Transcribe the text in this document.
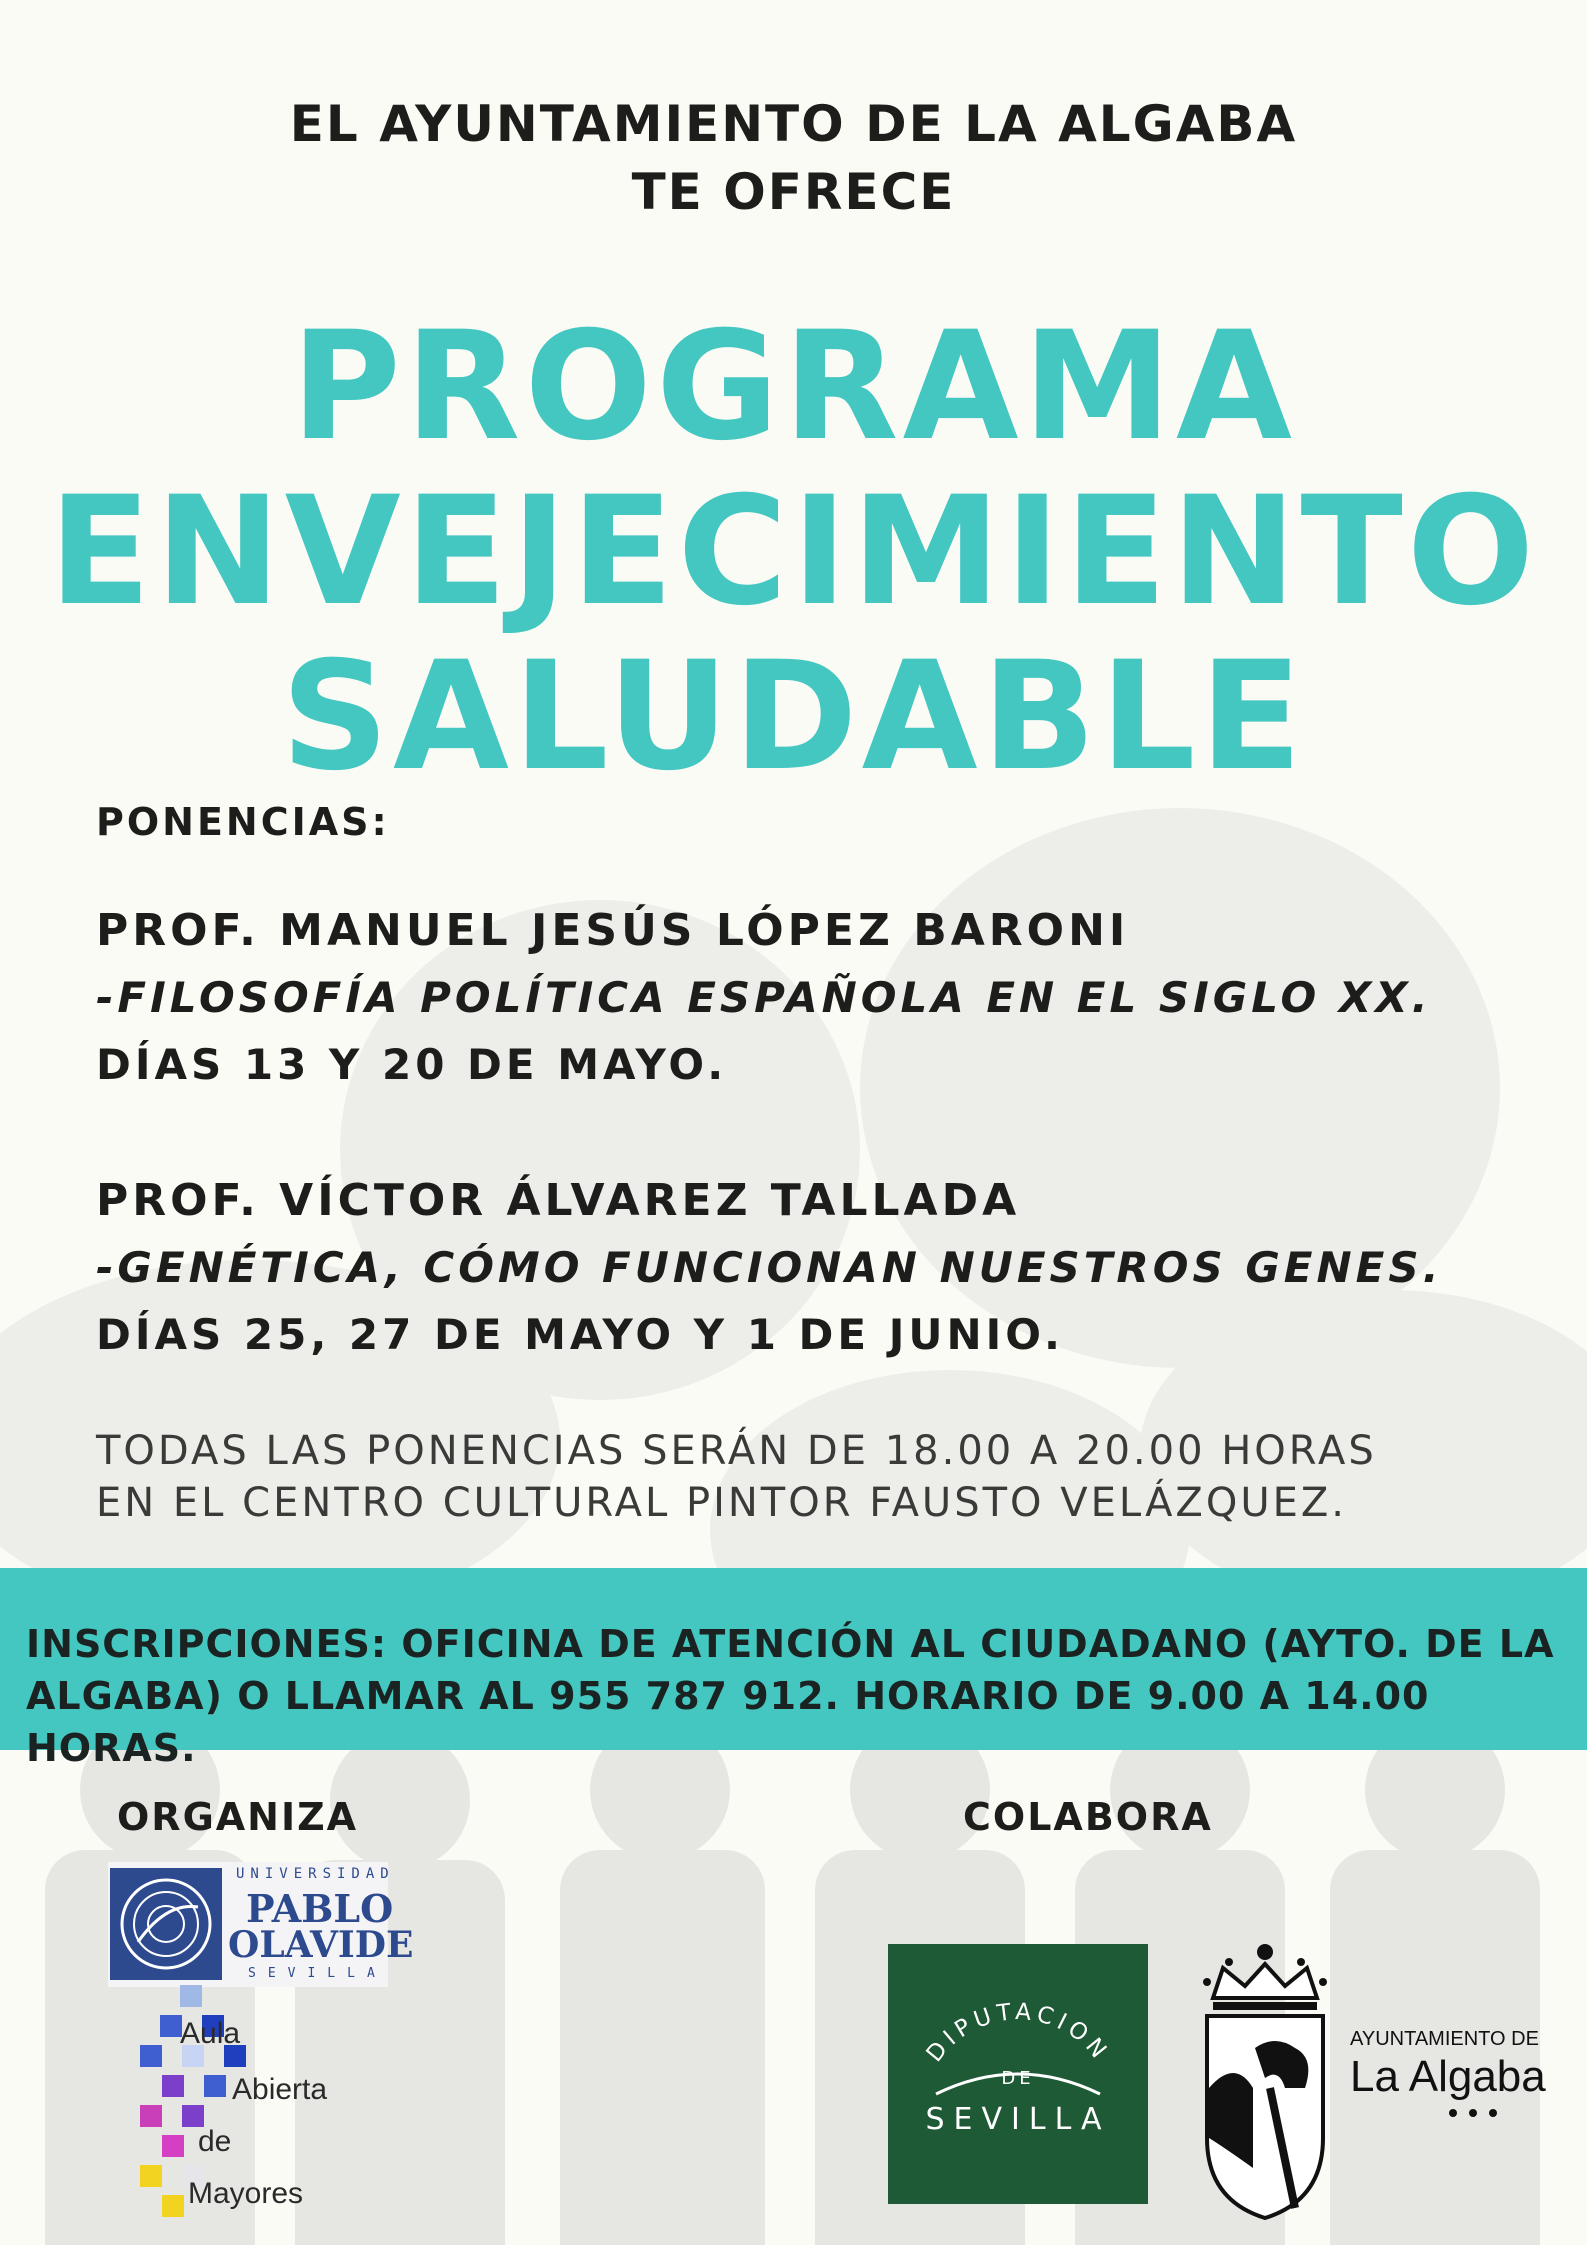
EL AYUNTAMIENTO DE LA ALGABA
TE OFRECE
PROGRAMA
ENVEJECIMIENTO
SALUDABLE
PONENCIAS:
PROF. MANUEL JESÚS LÓPEZ BARONI
-FILOSOFÍA POLÍTICA ESPAÑOLA EN EL SIGLO XX.
DÍAS 13 Y 20 DE MAYO.
PROF. VÍCTOR ÁLVAREZ TALLADA
-GENÉTICA, CÓMO FUNCIONAN NUESTROS GENES.
DÍAS 25, 27 DE MAYO Y 1 DE JUNIO.
TODAS LAS PONENCIAS SERÁN DE 18.00 A 20.00 HORAS
EN EL CENTRO CULTURAL PINTOR FAUSTO VELÁZQUEZ.
INSCRIPCIONES: OFICINA DE ATENCIÓN AL CIUDADANO (AYTO. DE LA
ALGABA) O LLAMAR AL 955 787 912. HORARIO DE 9.00 A 14.00 HORAS.
ORGANIZA	COLABORA
UNIVERSIDAD
PABLO
OLAVIDE
SEVILLA
Aula
Abierta
de
Mayores
DIPUTACION
DE
SEVILLA
AYUNTAMIENTO DE
La Algaba
